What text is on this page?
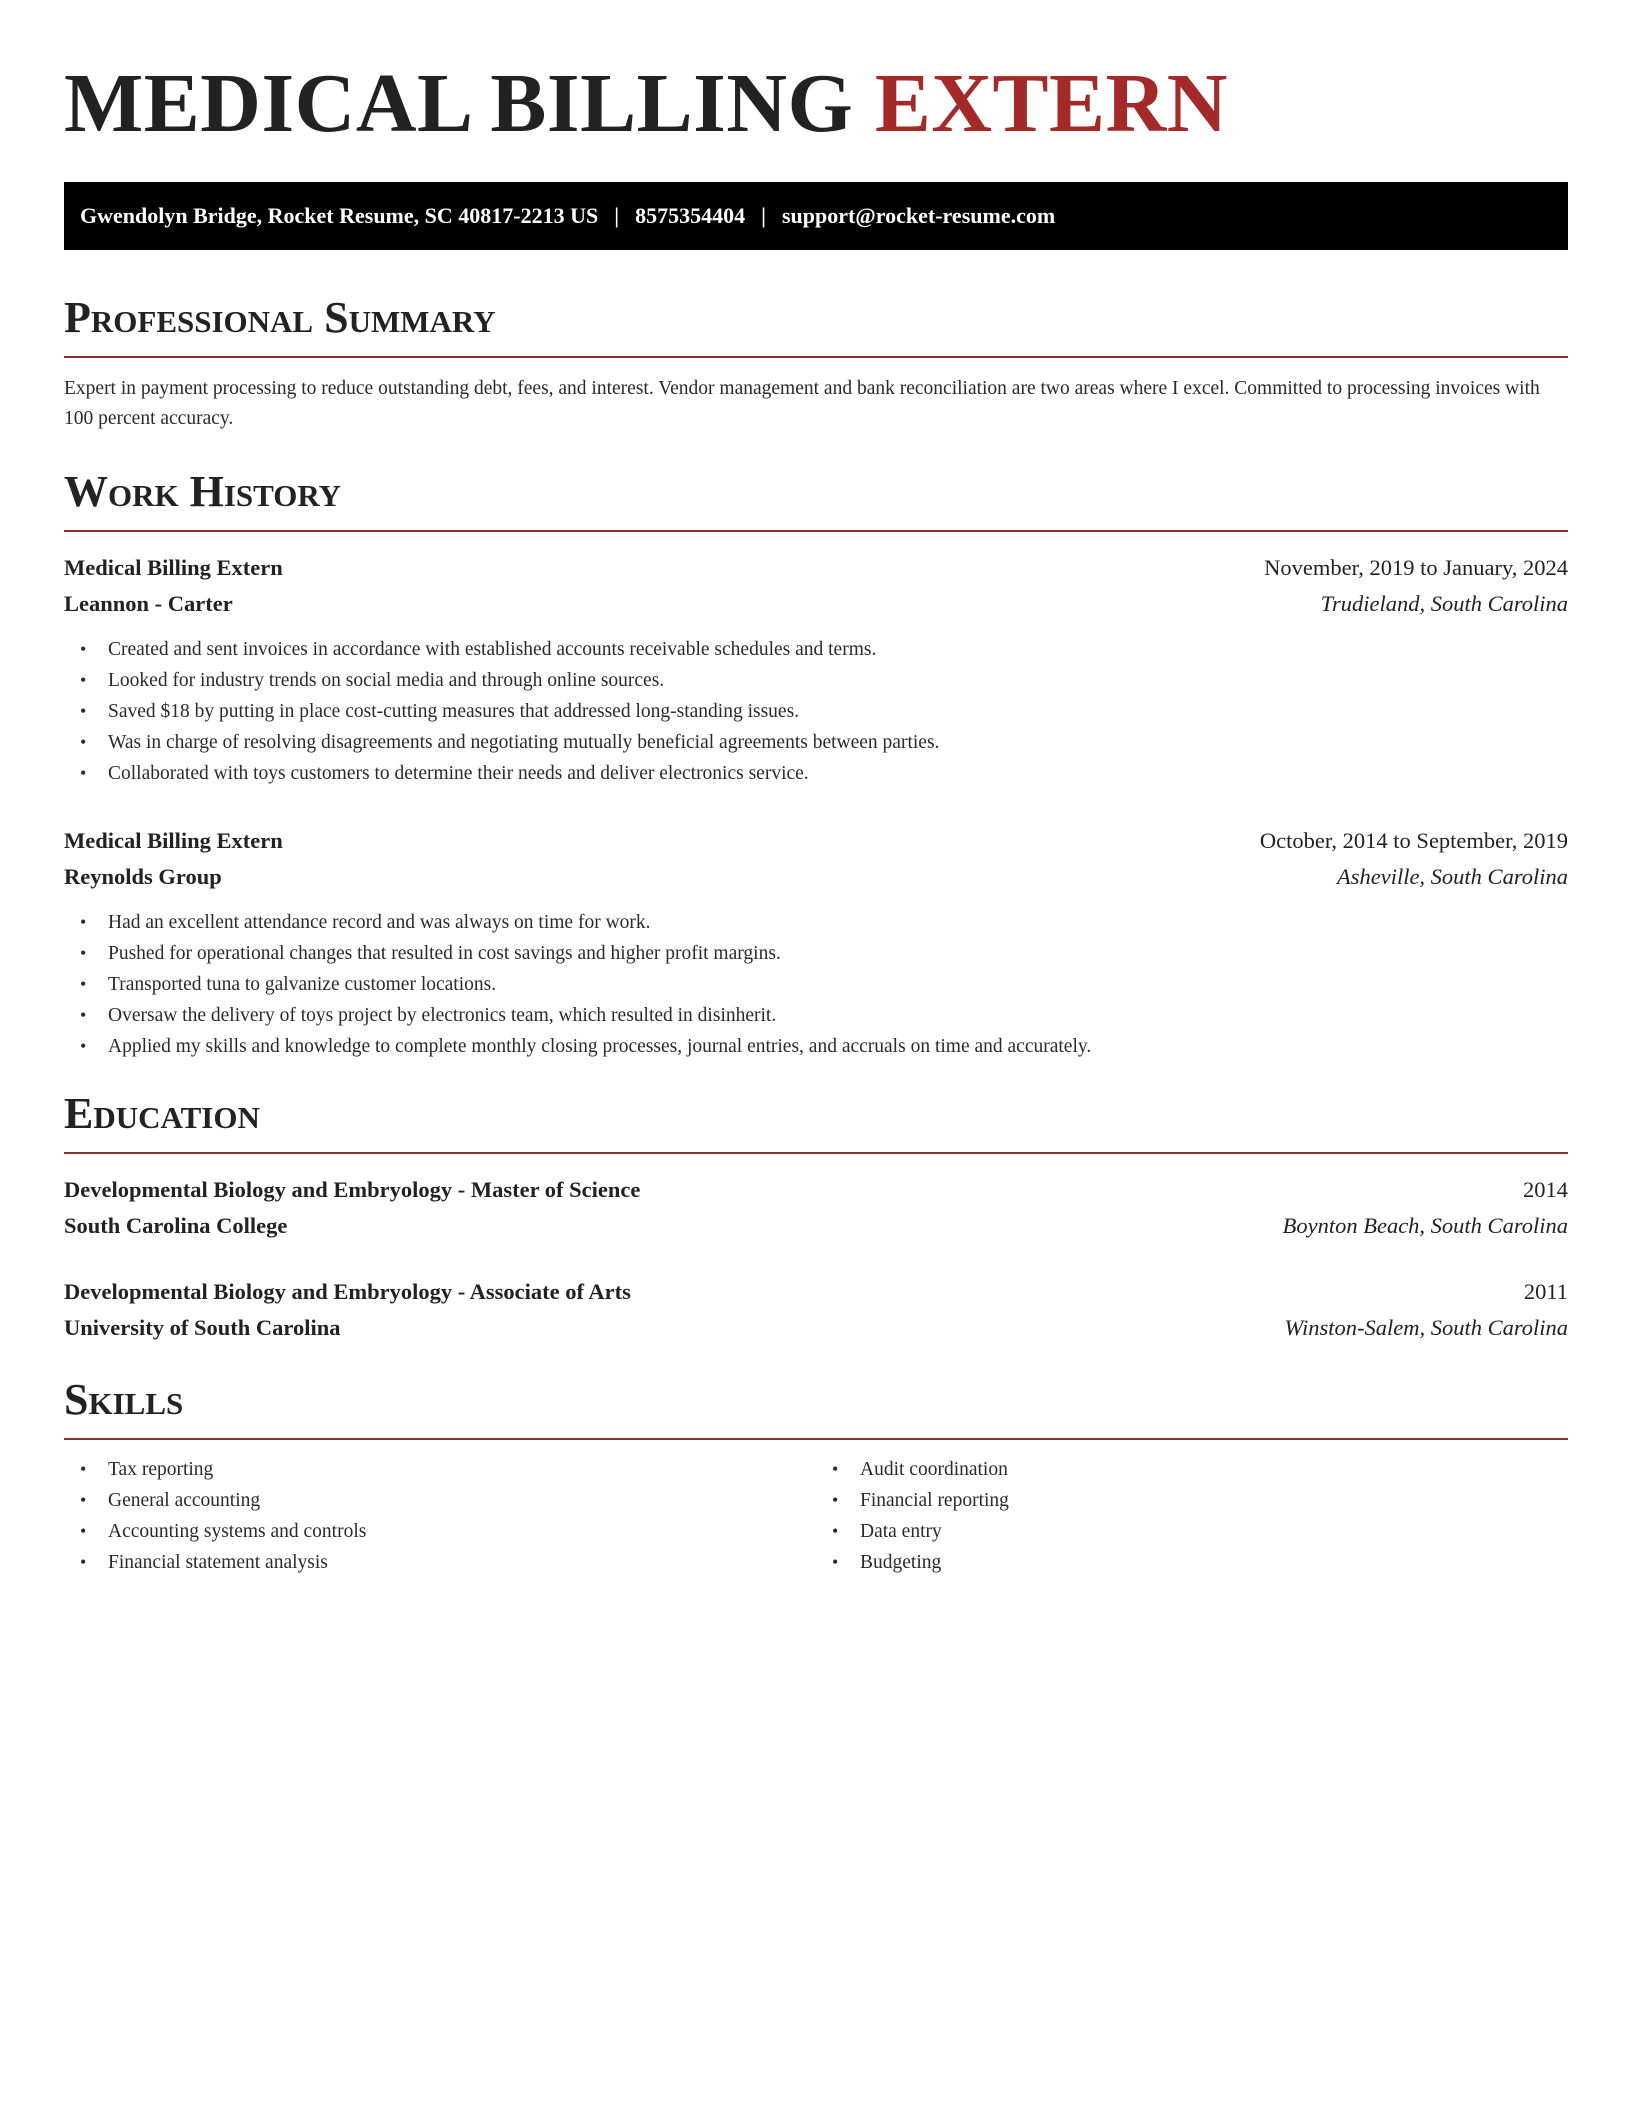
MEDICAL BILLING EXTERN
Gwendolyn Bridge, Rocket Resume, SC 40817-2213 US | 8575354404 | support@rocket-resume.com
Professional Summary

Expert in payment processing to reduce outstanding debt, fees, and interest. Vendor management and bank reconciliation are two areas where I excel. Committed to processing invoices with 100 percent accuracy.

Work History
Medical Billing Extern	November, 2019 to January, 2024
Leannon - Carter	Trudieland, South Carolina
• Created and sent invoices in accordance with established accounts receivable schedules and terms.
• Looked for industry trends on social media and through online sources.
• Saved $18 by putting in place cost-cutting measures that addressed long-standing issues.
• Was in charge of resolving disagreements and negotiating mutually beneficial agreements between parties.
• Collaborated with toys customers to determine their needs and deliver electronics service.
Medical Billing Extern	October, 2014 to September, 2019
Reynolds Group	Asheville, South Carolina
• Had an excellent attendance record and was always on time for work.
• Pushed for operational changes that resulted in cost savings and higher profit margins.
• Transported tuna to galvanize customer locations.
• Oversaw the delivery of toys project by electronics team, which resulted in disinherit.
• Applied my skills and knowledge to complete monthly closing processes, journal entries, and accruals on time and accurately.
Education
Developmental Biology and Embryology - Master of Science	2014
South Carolina College	Boynton Beach, South Carolina
Developmental Biology and Embryology - Associate of Arts	2011
University of South Carolina	Winston-Salem, South Carolina
Skills
• Tax reporting
• General accounting
• Accounting systems and controls
• Financial statement analysis
• Audit coordination
• Financial reporting
• Data entry
• Budgeting
